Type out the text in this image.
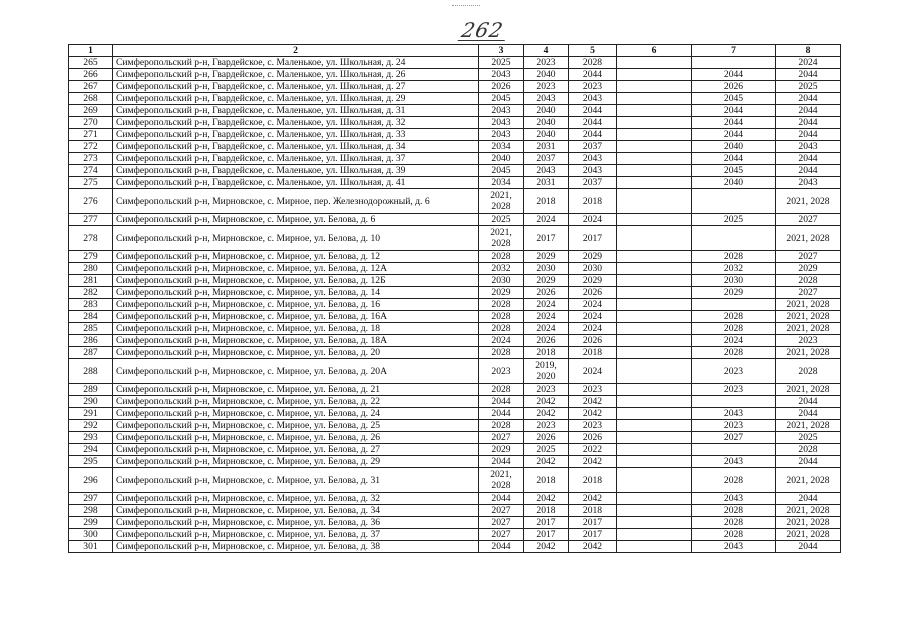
262
1	2	3	4	5	6	7	8
265	Симферопольский р-н, Гвардейское, с. Маленькое, ул. Школьная, д. 24	2025	2023	2028			2024
266	Симферопольский р-н, Гвардейское, с. Маленькое, ул. Школьная, д. 26	2043	2040	2044		2044	2044
267	Симферопольский р-н, Гвардейское, с. Маленькое, ул. Школьная, д. 27	2026	2023	2023		2026	2025
268	Симферопольский р-н, Гвардейское, с. Маленькое, ул. Школьная, д. 29	2045	2043	2043		2045	2044
269	Симферопольский р-н, Гвардейское, с. Маленькое, ул. Школьная, д. 31	2043	2040	2044		2044	2044
270	Симферопольский р-н, Гвардейское, с. Маленькое, ул. Школьная, д. 32	2043	2040	2044		2044	2044
271	Симферопольский р-н, Гвардейское, с. Маленькое, ул. Школьная, д. 33	2043	2040	2044		2044	2044
272	Симферопольский р-н, Гвардейское, с. Маленькое, ул. Школьная, д. 34	2034	2031	2037		2040	2043
273	Симферопольский р-н, Гвардейское, с. Маленькое, ул. Школьная, д. 37	2040	2037	2043		2044	2044
274	Симферопольский р-н, Гвардейское, с. Маленькое, ул. Школьная, д. 39	2045	2043	2043		2045	2044
275	Симферопольский р-н, Гвардейское, с. Маленькое, ул. Школьная, д. 41	2034	2031	2037		2040	2043
276	Симферопольский р-н, Мирновское, с. Мирное, пер. Железнодорожный, д. 6	2021, 2028	2018	2018			2021, 2028
277	Симферопольский р-н, Мирновское, с. Мирное, ул. Белова, д. 6	2025	2024	2024		2025	2027
278	Симферопольский р-н, Мирновское, с. Мирное, ул. Белова, д. 10	2021, 2028	2017	2017			2021, 2028
279	Симферопольский р-н, Мирновское, с. Мирное, ул. Белова, д. 12	2028	2029	2029		2028	2027
280	Симферопольский р-н, Мирновское, с. Мирное, ул. Белова, д. 12А	2032	2030	2030		2032	2029
281	Симферопольский р-н, Мирновское, с. Мирное, ул. Белова, д. 12Б	2030	2029	2029		2030	2028
282	Симферопольский р-н, Мирновское, с. Мирное, ул. Белова, д. 14	2029	2026	2026		2029	2027
283	Симферопольский р-н, Мирновское, с. Мирное, ул. Белова, д. 16	2028	2024	2024			2021, 2028
284	Симферопольский р-н, Мирновское, с. Мирное, ул. Белова, д. 16А	2028	2024	2024		2028	2021, 2028
285	Симферопольский р-н, Мирновское, с. Мирное, ул. Белова, д. 18	2028	2024	2024		2028	2021, 2028
286	Симферопольский р-н, Мирновское, с. Мирное, ул. Белова, д. 18А	2024	2026	2026		2024	2023
287	Симферопольский р-н, Мирновское, с. Мирное, ул. Белова, д. 20	2028	2018	2018		2028	2021, 2028
288	Симферопольский р-н, Мирновское, с. Мирное, ул. Белова, д. 20А	2023	2019, 2020	2024		2023	2028
289	Симферопольский р-н, Мирновское, с. Мирное, ул. Белова, д. 21	2028	2023	2023		2023	2021, 2028
290	Симферопольский р-н, Мирновское, с. Мирное, ул. Белова, д. 22	2044	2042	2042			2044
291	Симферопольский р-н, Мирновское, с. Мирное, ул. Белова, д. 24	2044	2042	2042		2043	2044
292	Симферопольский р-н, Мирновское, с. Мирное, ул. Белова, д. 25	2028	2023	2023		2023	2021, 2028
293	Симферопольский р-н, Мирновское, с. Мирное, ул. Белова, д. 26	2027	2026	2026		2027	2025
294	Симферопольский р-н, Мирновское, с. Мирное, ул. Белова, д. 27	2029	2025	2022			2028
295	Симферопольский р-н, Мирновское, с. Мирное, ул. Белова, д. 29	2044	2042	2042		2043	2044
296	Симферопольский р-н, Мирновское, с. Мирное, ул. Белова, д. 31	2021, 2028	2018	2018		2028	2021, 2028
297	Симферопольский р-н, Мирновское, с. Мирное, ул. Белова, д. 32	2044	2042	2042		2043	2044
298	Симферопольский р-н, Мирновское, с. Мирное, ул. Белова, д. 34	2027	2018	2018		2028	2021, 2028
299	Симферопольский р-н, Мирновское, с. Мирное, ул. Белова, д. 36	2027	2017	2017		2028	2021, 2028
300	Симферопольский р-н, Мирновское, с. Мирное, ул. Белова, д. 37	2027	2017	2017		2028	2021, 2028
301	Симферопольский р-н, Мирновское, с. Мирное, ул. Белова, д. 38	2044	2042	2042		2043	2044
